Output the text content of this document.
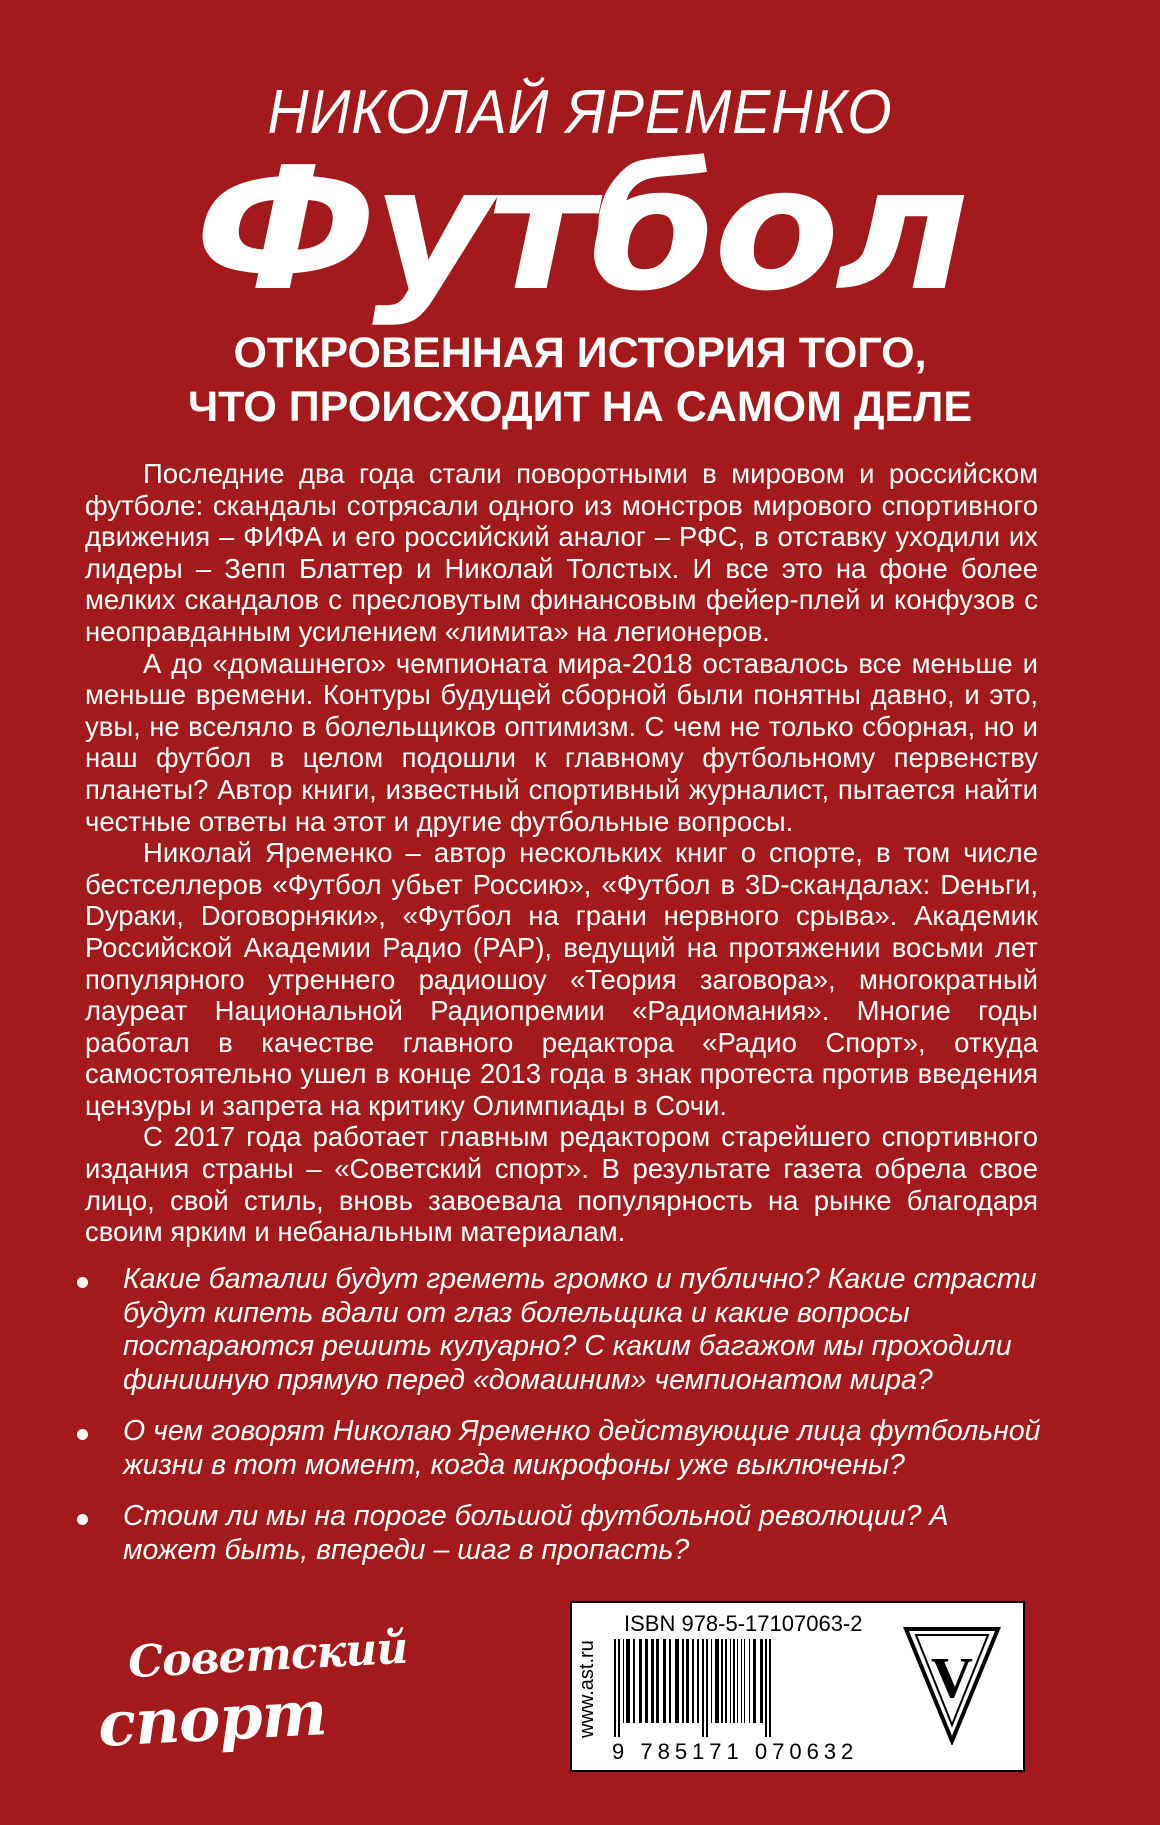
НИКОЛАЙ ЯРЕМЕНКО
Футбол
ОТКРОВЕННАЯ ИСТОРИЯ ТОГО,
ЧТО ПРОИСХОДИТ НА САМОМ ДЕЛЕ

Последние два года стали поворотными в мировом и российском футболе: скандалы сотрясали одного из монстров мирового спортивного движения – ФИФА и его российский аналог – РФС, в отставку уходили их лидеры – Зепп Блаттер и Николай Толстых. И все это на фоне более мелких скандалов с пресловутым финансовым фейер-плей и конфузов с неоправданным усилением «лимита» на легионеров.

А до «домашнего» чемпионата мира-2018 оставалось все меньше и меньше времени. Контуры будущей сборной были понятны давно, и это, увы, не вселяло в болельщиков оптимизм. С чем не только сборная, но и наш футбол в целом подошли к главному футбольному первенству планеты? Автор книги, известный спортивный журналист, пытается найти честные ответы на этот и другие футбольные вопросы.

Николай Яременко – автор нескольких книг о спорте, в том числе бестселлеров «Футбол убьет Россию», «Футбол в 3D-скандалах: Dеньги, Dураки, Dоговорняки», «Футбол на грани нервного срыва». Академик Российской Академии Радио (РАР), ведущий на протяжении восьми лет популярного утреннего радиошоу «Теория заговора», многократный лауреат Национальной Радиопремии «Радиомания». Многие годы работал в качестве главного редактора «Радио Спорт», откуда самостоятельно ушел в конце 2013 года в знак протеста против введения цензуры и запрета на критику Олимпиады в Сочи.

С 2017 года работает главным редактором старейшего спортивного издания страны – «Советский спорт». В результате газета обрела свое лицо, свой стиль, вновь завоевала популярность на рынке благодаря своим ярким и небанальным материалам.

Какие баталии будут греметь громко и публично? Какие страсти будут кипеть вдали от глаз болельщика и какие вопросы постараются решить кулуарно? С каким багажом мы проходили финишную прямую перед «домашним» чемпионатом мира?
О чем говорят Николаю Яременко действующие лица футбольной жизни в тот момент, когда микрофоны уже выключены?
Стоим ли мы на пороге большой футбольной революции? А может быть, впереди – шаг в пропасть?
Советский
спорт	www.ast.ru
ISBN 978-5-17107063-2
9 785171 070632
V
